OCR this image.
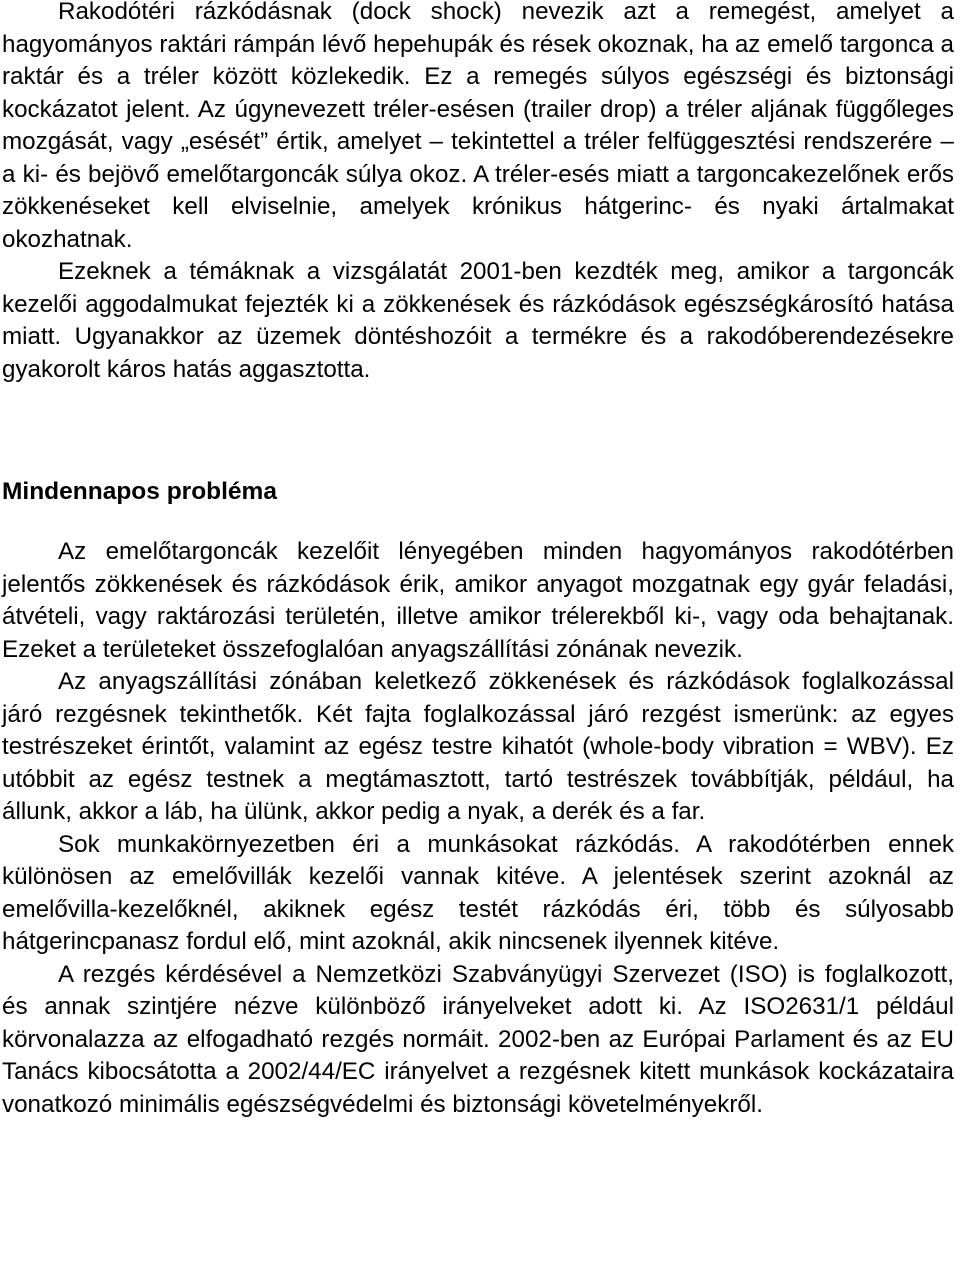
Rakodótéri rázkódásnak (dock shock) nevezik azt a remegést, amelyet a hagyományos raktári rámpán lévő hepehupák és rések okoznak, ha az emelő targonca a raktár és a tréler között közlekedik. Ez a remegés súlyos egészségi és biztonsági kockázatot jelent. Az úgynevezett tréler-esésen (trailer drop) a tréler aljának függőleges mozgását, vagy „esését” értik, amelyet – tekintettel a tréler felfüggesztési rendszerére – a ki- és bejövő emelőtargoncák súlya okoz. A tréler-esés miatt a targoncakezelőnek erős zökkenéseket kell elviselnie, amelyek krónikus hátgerinc- és nyaki ártalmakat okozhatnak.

Ezeknek a témáknak a vizsgálatát 2001-ben kezdték meg, amikor a targoncák kezelői aggodalmukat fejezték ki a zökkenések és rázkódások egészségkárosító hatása miatt. Ugyanakkor az üzemek döntéshozóit a termékre és a rakodóberendezésekre gyakorolt káros hatás aggasztotta.

Mindennapos probléma

Az emelőtargoncák kezelőit lényegében minden hagyományos rakodótérben jelentős zökkenések és rázkódások érik, amikor anyagot mozgatnak egy gyár feladási, átvételi, vagy raktározási területén, illetve amikor trélerekből ki-, vagy oda behajtanak. Ezeket a területeket összefoglalóan anyagszállítási zónának nevezik.

Az anyagszállítási zónában keletkező zökkenések és rázkódások foglalkozással járó rezgésnek tekinthetők. Két fajta foglalkozással járó rezgést ismerünk: az egyes testrészeket érintőt, valamint az egész testre kihatót (whole-body vibration = WBV). Ez utóbbit az egész testnek a megtámasztott, tartó testrészek továbbítják, például, ha állunk, akkor a láb, ha ülünk, akkor pedig a nyak, a derék és a far.

Sok munkakörnyezetben éri a munkásokat rázkódás. A rakodótérben ennek különösen az emelővillák kezelői vannak kitéve. A jelentések szerint azoknál az emelővilla-kezelőknél, akiknek egész testét rázkódás éri, több és súlyosabb hátgerincpanasz fordul elő, mint azoknál, akik nincsenek ilyennek kitéve.

A rezgés kérdésével a Nemzetközi Szabványügyi Szervezet (ISO) is foglalkozott, és annak szintjére nézve különböző irányelveket adott ki. Az ISO2631/1 például körvonalazza az elfogadható rezgés normáit. 2002-ben az Európai Parlament és az EU Tanács kibocsátotta a 2002/44/EC irányelvet a rezgésnek kitett munkások kockázataira vonatkozó minimális egészségvédelmi és biztonsági követelményekről.
